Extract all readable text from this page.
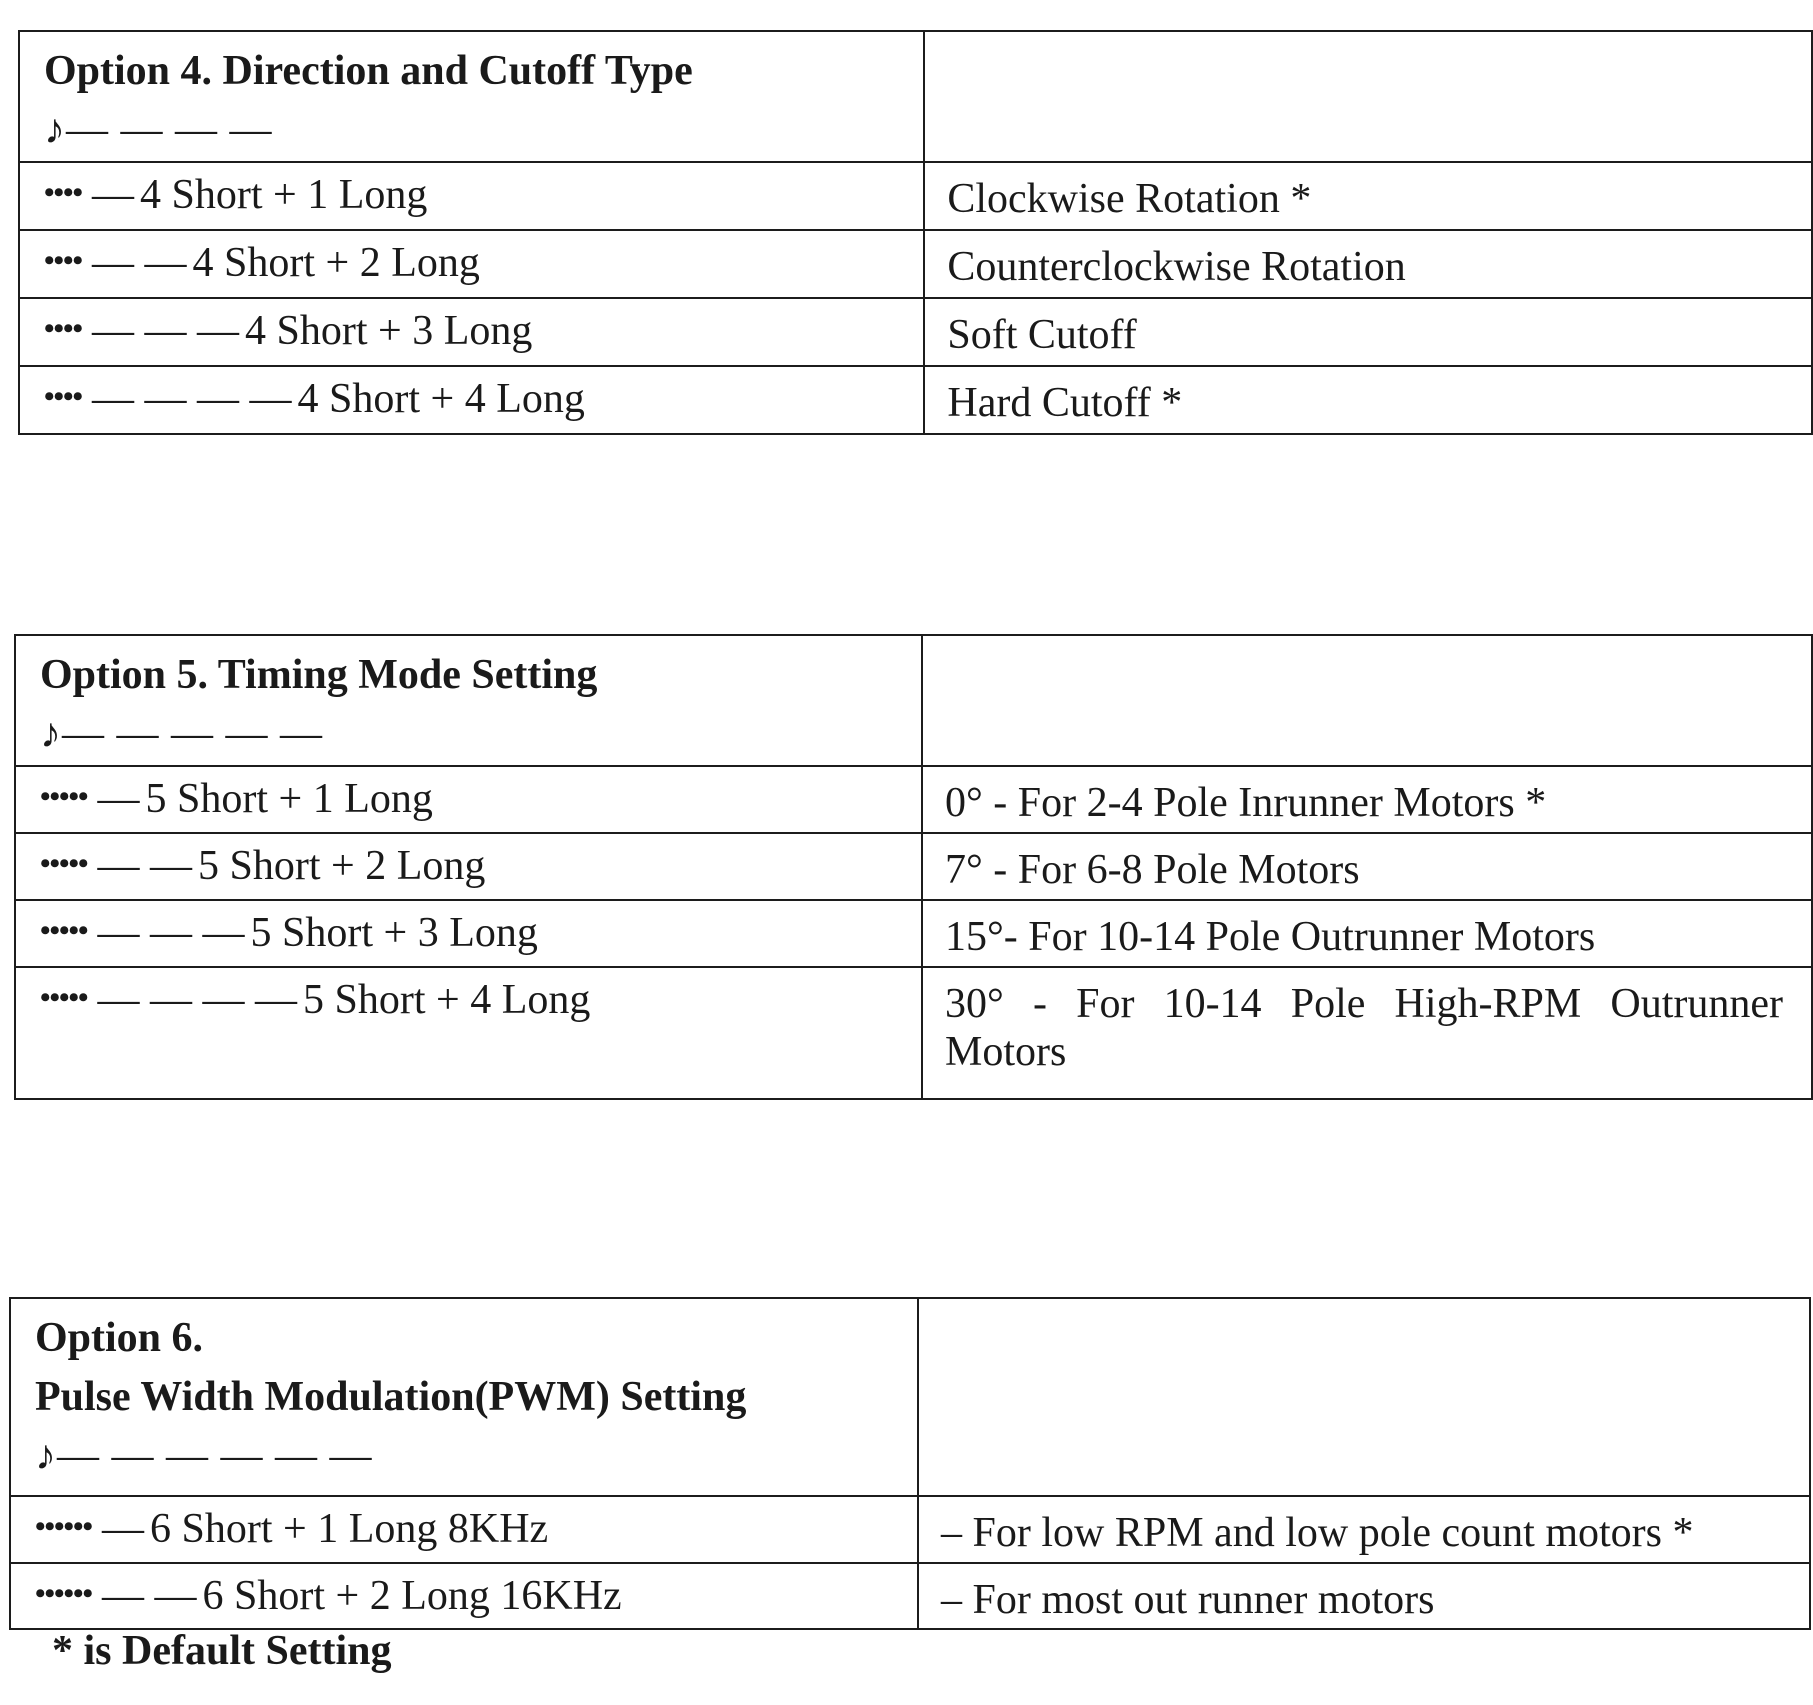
Option 4. Direction and Cutoff Type
♪— — — —	

•••• — 4 Short + 1 Long	Clockwise Rotation *
•••• — — 4 Short + 2 Long	Counterclockwise Rotation
•••• — — — 4 Short + 3 Long	Soft Cutoff
•••• — — — — 4 Short + 4 Long	Hard Cutoff *
Option 5. Timing Mode Setting
♪— — — — —	

••••• — 5 Short + 1 Long	0° - For 2-4 Pole Inrunner Motors *
••••• — — 5 Short + 2 Long	7° - For 6-8 Pole Motors
••••• — — — 5 Short + 3 Long	15°- For 10-14 Pole Outrunner Motors
••••• — — — — 5 Short + 4 Long	30° - For 10-14 Pole High-RPM Outrunner Motors
Option 6.
Pulse Width Modulation(PWM) Setting
♪— — — — — —	

•••••• — 6 Short + 1 Long 8KHz	– For low RPM and low pole count motors *
•••••• — — 6 Short + 2 Long 16KHz	– For most out runner motors
* is Default Setting
